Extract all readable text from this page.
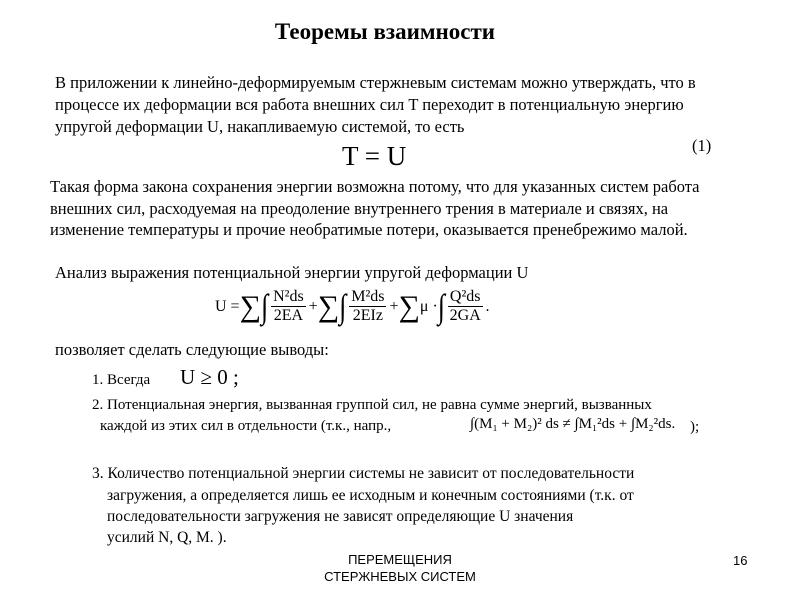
Теоремы взаимности
В приложении к линейно-деформируемым стержневым системам можно утверждать, что в
процессе их деформации вся работа внешних сил T переходит в потенциальную энергию
упругой деформации U, накапливаемую системой, то есть
T = U	(1)
Такая форма закона сохранения энергии возможна потому, что для указанных систем работа
внешних сил, расходуемая на преодоление внутреннего трения в материале и связях, на
изменение температуры и прочие необратимые потери, оказывается пренебрежимо малой.
Анализ выражения потенциальной энергии упругой деформации U
U = ∑ ∫ $\frac{\text{N²ds}}{2EA}$ + ∑ ∫ $\frac{\text{M²ds}}{\text{2EIz}}$ + ∑ μ · ∫ $\frac{\text{Q²ds}}{2GA}$ .
позволяет сделать следующие выводы:
1. Всегда U ≥ 0 ;
2. Потенциальная энергия, вызванная группой сил, не равна сумме энергий, вызванных
каждой из этих сил в отдельности (т.к., напр.,	∫(M₁ + M₂)² ds ≠ ∫M₁²ds + ∫M₂²ds. );
3. Количество потенциальной энергии системы не зависит от последовательности
загружения, а определяется лишь ее исходным и конечным состояниями (т.к. от
последовательности загружения не зависят определяющие U значения
усилий N, Q, M. ).
ПЕРЕМЕЩЕНИЯ
СТЕРЖНЕВЫХ СИСТЕМ
16
